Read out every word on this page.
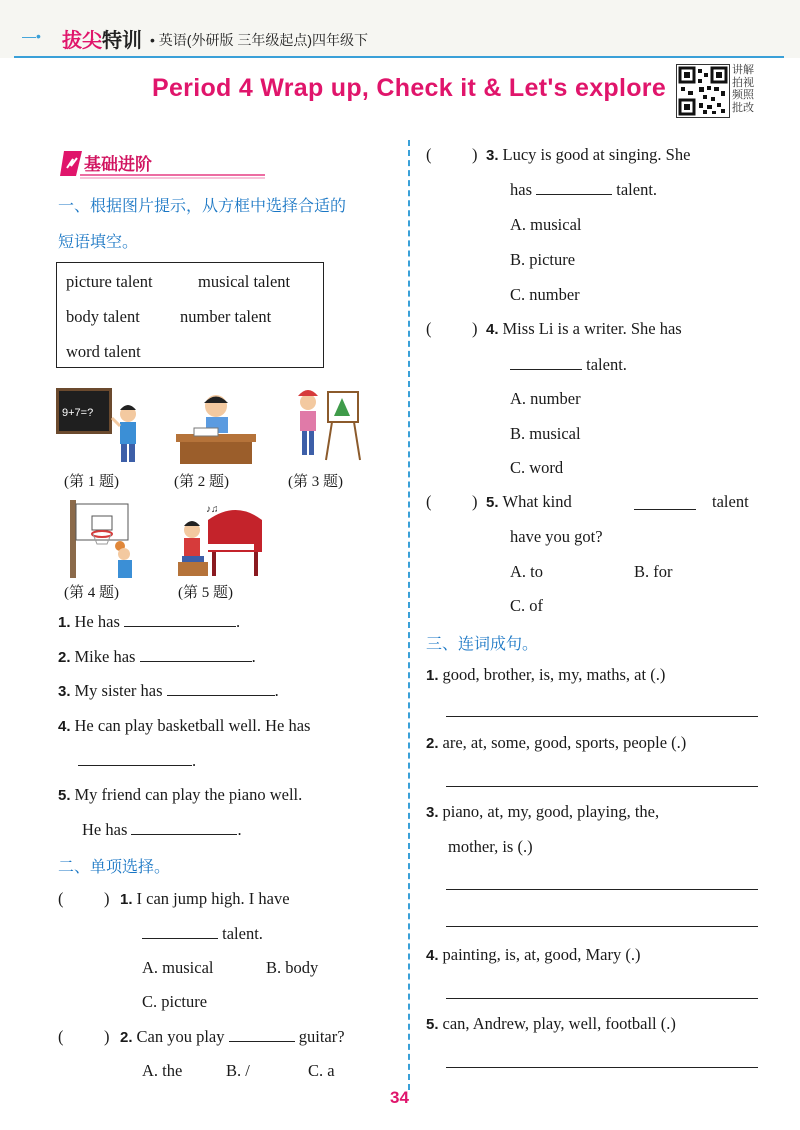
—• 拔尖特训 • 英语(外研版 三年级起点)四年级下
Period 4 Wrap up, Check it & Let's explore
讲解拍视频照批改
基础进阶
一、根据图片提示，从方框中选择合适的
短语填空。
picture talent	musical talent
body talent number talent
word talent
9+7=?
(第 1 题)	(第 2 题)	(第 3 题)
♪♫
(第 4 题)	(第 5 题)
1. He has	.
2. Mike has	.
3. My sister has	.
4. He can play basketball well. He has
.
5. My friend can play the piano well.
He has	.
二、单项选择。
( ) 1. I can jump high. I have
talent.
A. musical	B. body
C. picture
( ) 2. Can you play	guitar?
A. the	B. /	C. a
( ) 3. Lucy is good at singing. She
has	talent.
A. musical
B. picture
C. number
( ) 4. Miss Li is a writer. She has
talent.
A. number
B. musical
C. word
( ) 5. What kind	talent
have you got?
A. to	B. for
C. of
三、连词成句。
1. good, brother, is, my, maths, at (.)
2. are, at, some, good, sports, people (.)
3. piano, at, my, good, playing, the,
mother, is (.)
4. painting, is, at, good, Mary (.)
5. can, Andrew, play, well, football (.)
34
